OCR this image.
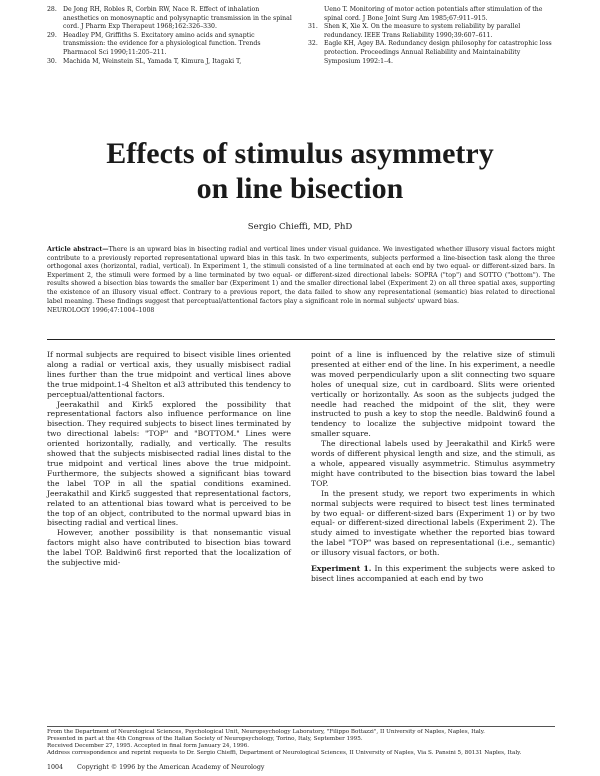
28. De Jong RH, Robles R, Corbin RW, Nace R. Effect of inhalation anesthetics on monosynaptic and polysynaptic transmission in the spinal cord. J Pharm Exp Therapeut 1968;162:326–330.
29. Headley PM, Griffiths S. Excitatory amino acids and synaptic transmission: the evidence for a physiological function. Trends Pharmacol Sci 1990;11:205–211.
30. Machida M, Weinstein SL, Yamada T, Kimura J, Itagaki T,
Ueno T. Monitoring of motor action potentials after stimulation of the spinal cord. J Bone Joint Surg Am 1985;67:911–915.
31. Shen K, Xie X. On the measure to system reliability by parallel redundancy. IEEE Trans Reliability 1990;39:607–611.
32. Eagle KH, Agey BA. Redundancy design philosophy for catastrophic loss protection. Proceedings Annual Reliability and Maintainability Symposium 1992:1–4.
Effects of stimulus asymmetry
on line bisection
Sergio Chieffi, MD, PhD
Article abstract—There is an upward bias in bisecting radial and vertical lines under visual guidance. We investigated whether illusory visual factors might contribute to a previously reported representational upward bias in this task. In two experiments, subjects performed a line-bisection task along the three orthogonal axes (horizontal, radial, vertical). In Experiment 1, the stimuli consisted of a line terminated at each end by two equal- or different-sized bars. In Experiment 2, the stimuli were formed by a line terminated by two equal- or different-sized directional labels: SOPRA ("top") and SOTTO ("bottom"). The results showed a bisection bias towards the smaller bar (Experiment 1) and the smaller directional label (Experiment 2) on all three spatial axes, supporting the existence of an illusory visual effect. Contrary to a previous report, the data failed to show any representational (semantic) bias related to directional label meaning. These findings suggest that perceptual/attentional factors play a significant role in normal subjects' upward bias.
NEUROLOGY 1996;47:1004–1008

If normal subjects are required to bisect visible lines oriented along a radial or vertical axis, they usually misbisect radial lines further than the true midpoint and vertical lines above the true midpoint.1-4 Shelton et al3 attributed this tendency to perceptual/attentional factors.

Jeerakathil and Kirk5 explored the possibility that representational factors also influence performance on line bisection. They required subjects to bisect lines terminated by two directional labels: "TOP" and "BOTTOM." Lines were oriented horizontally, radially, and vertically. The results showed that the subjects misbisected radial lines distal to the true midpoint and vertical lines above the true midpoint. Furthermore, the subjects showed a significant bias toward the label TOP in all the spatial conditions examined. Jeerakathil and Kirk5 suggested that representational factors, related to an attentional bias toward what is perceived to be the top of an object, contributed to the normal upward bias in bisecting radial and vertical lines.

However, another possibility is that nonsemantic visual factors might also have contributed to bisection bias toward the label TOP. Baldwin6 first reported that the localization of the subjective mid-

point of a line is influenced by the relative size of stimuli presented at either end of the line. In his experiment, a needle was moved perpendicularly upon a slit connecting two square holes of unequal size, cut in cardboard. Slits were oriented vertically or horizontally. As soon as the subjects judged the needle had reached the midpoint of the slit, they were instructed to push a key to stop the needle. Baldwin6 found a tendency to localize the subjective midpoint toward the smaller square.

The directional labels used by Jeerakathil and Kirk5 were words of different physical length and size, and the stimuli, as a whole, appeared visually asymmetric. Stimulus asymmetry might have contributed to the bisection bias toward the label TOP.

In the present study, we report two experiments in which normal subjects were required to bisect test lines terminated by two equal- or different-sized bars (Experiment 1) or by two equal- or different-sized directional labels (Experiment 2). The study aimed to investigate whether the reported bias toward the label "TOP" was based on representational (i.e., semantic) or illusory visual factors, or both.

Experiment 1. In this experiment the subjects were asked to bisect lines accompanied at each end by two

From the Department of Neurological Sciences, Psychological Unit, Neuropsychology Laboratory, "Filippo Bottazzi", II University of Naples, Naples, Italy.
Presented in part at the 4th Congress of the Italian Society of Neuropsychology, Torino, Italy, September 1995.
Received December 27, 1995. Accepted in final form January 24, 1996.
Address correspondence and reprint requests to Dr. Sergio Chieffi, Department of Neurological Sciences, II University of Naples, Via S. Pansini 5, 80131 Naples, Italy.
1004 Copyright © 1996 by the American Academy of Neurology
